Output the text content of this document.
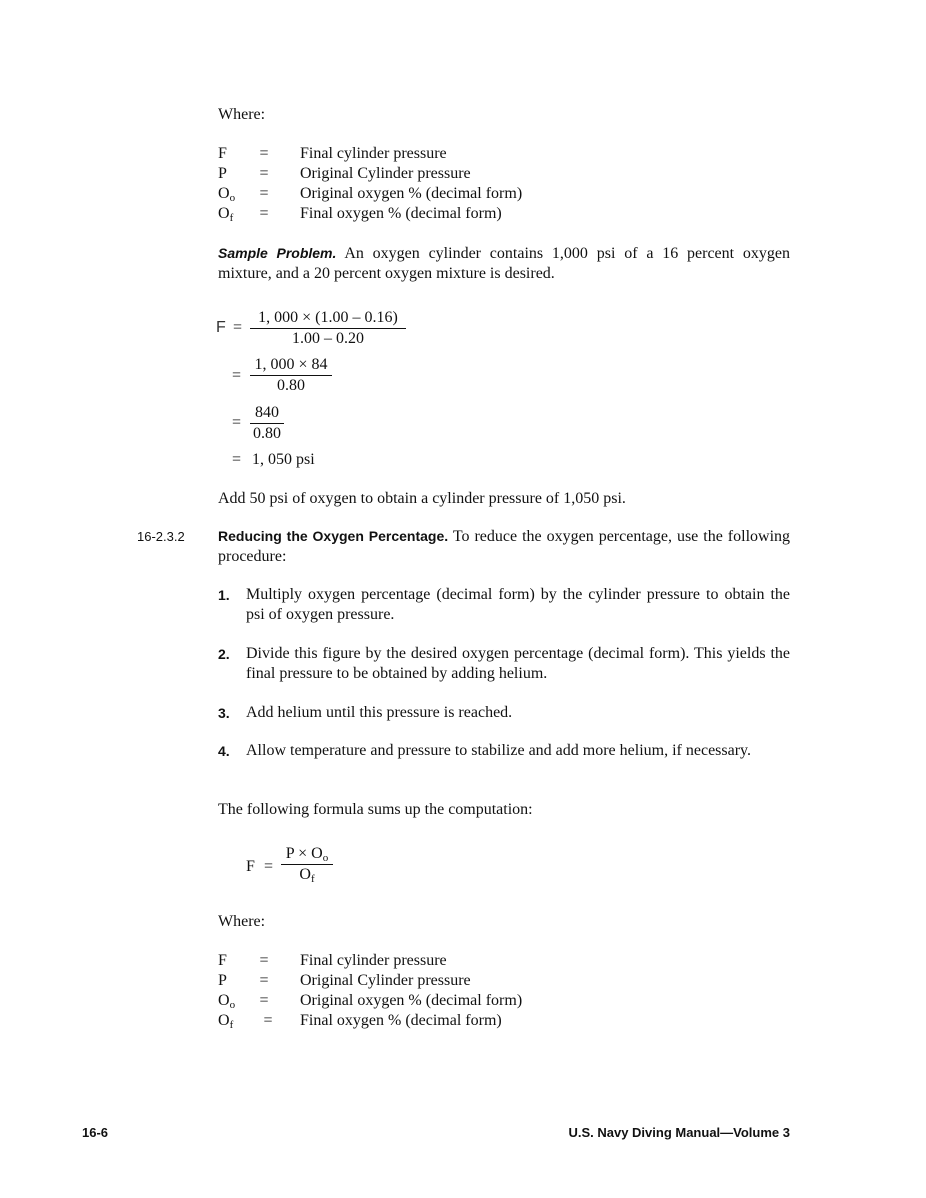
Where:
F = Final cylinder pressure
P = Original Cylinder pressure
$O_o$ = Original oxygen % (decimal form)
$O_f$ = Final oxygen % (decimal form)
Sample Problem. An oxygen cylinder contains 1,000 psi of a 16 percent oxygen mixture, and a 20 percent oxygen mixture is desired.
$F = \frac{1, 000 \times (1.00 - 0.16)}{1.00 - 0.20}$
= $\frac{1, 000 \times 84}{0.80}$
= $\frac{840}{0.80}$
= 1, 050 psi
Add 50 psi of oxygen to obtain a cylinder pressure of 1,050 psi.
16-2.3.2 Reducing the Oxygen Percentage. To reduce the oxygen percentage, use the following procedure:
1. Multiply oxygen percentage (decimal form) by the cylinder pressure to obtain the psi of oxygen pressure.
2. Divide this figure by the desired oxygen percentage (decimal form). This yields the final pressure to be obtained by adding helium.
3. Add helium until this pressure is reached.
4. Allow temperature and pressure to stabilize and add more helium, if necessary.
The following formula sums up the computation:
$F = \frac{P \times O_o}{O_f}$
Where:
F = Final cylinder pressure
P = Original Cylinder pressure
$O_o$ = Original oxygen % (decimal form)
$O_f$ = Final oxygen % (decimal form)
16-6	U.S. Navy Diving Manual—Volume 3
